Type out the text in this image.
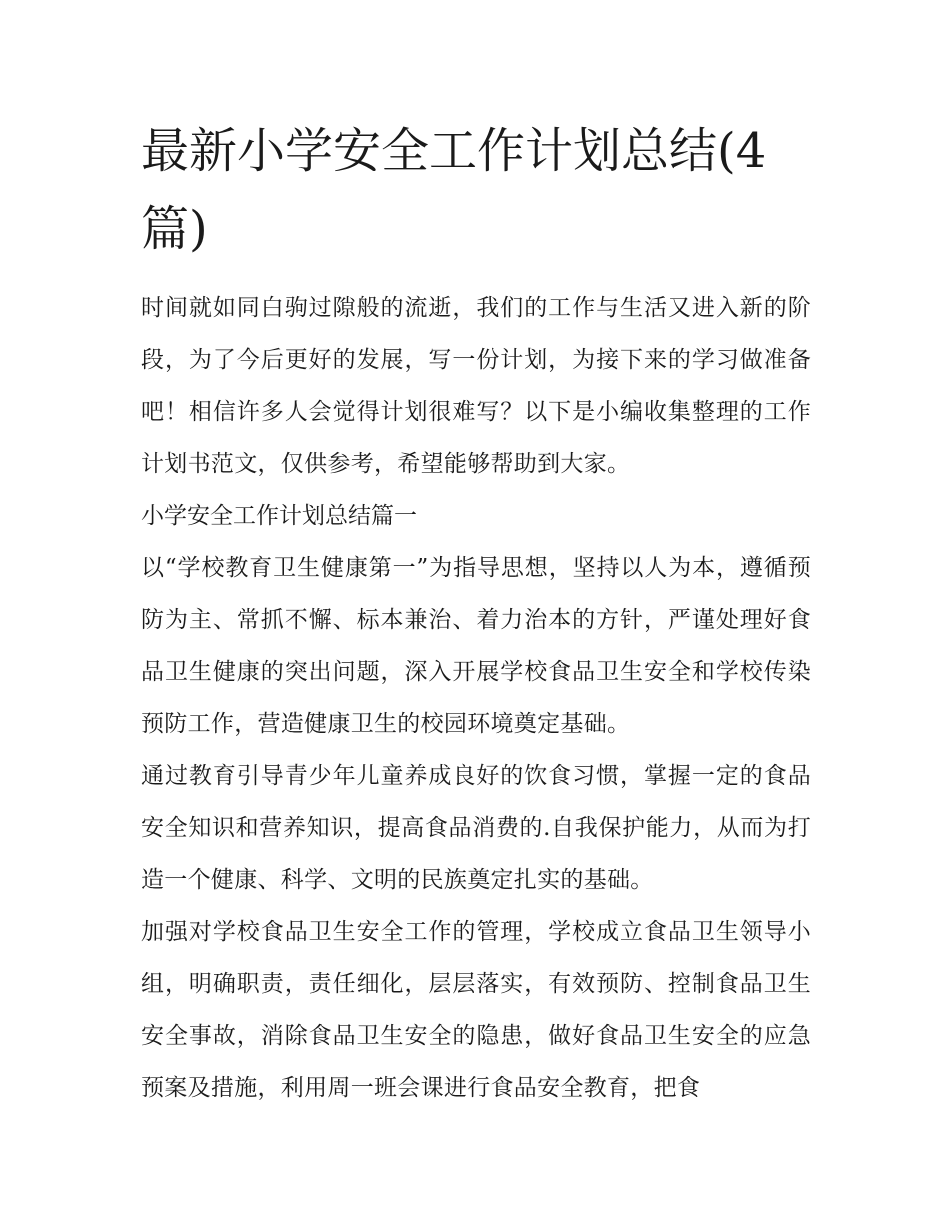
最新小学安全工作计划总结(4篇)

时间就如同白驹过隙般的流逝，我们的工作与生活又进入新的阶段，为了今后更好的发展，写一份计划，为接下来的学习做准备吧！相信许多人会觉得计划很难写？以下是小编收集整理的工作计划书范文，仅供参考，希望能够帮助到大家。

小学安全工作计划总结篇一

以“学校教育卫生健康第一”为指导思想，坚持以人为本，遵循预防为主、常抓不懈、标本兼治、着力治本的方针，严谨处理好食品卫生健康的突出问题，深入开展学校食品卫生安全和学校传染预防工作，营造健康卫生的校园环境奠定基础。

通过教育引导青少年儿童养成良好的饮食习惯，掌握一定的食品安全知识和营养知识，提高食品消费的.自我保护能力，从而为打造一个健康、科学、文明的民族奠定扎实的基础。

加强对学校食品卫生安全工作的管理，学校成立食品卫生领导小组，明确职责，责任细化，层层落实，有效预防、控制食品卫生安全事故，消除食品卫生安全的隐患，做好食品卫生安全的应急预案及措施，利用周一班会课进行食品安全教育，把食
